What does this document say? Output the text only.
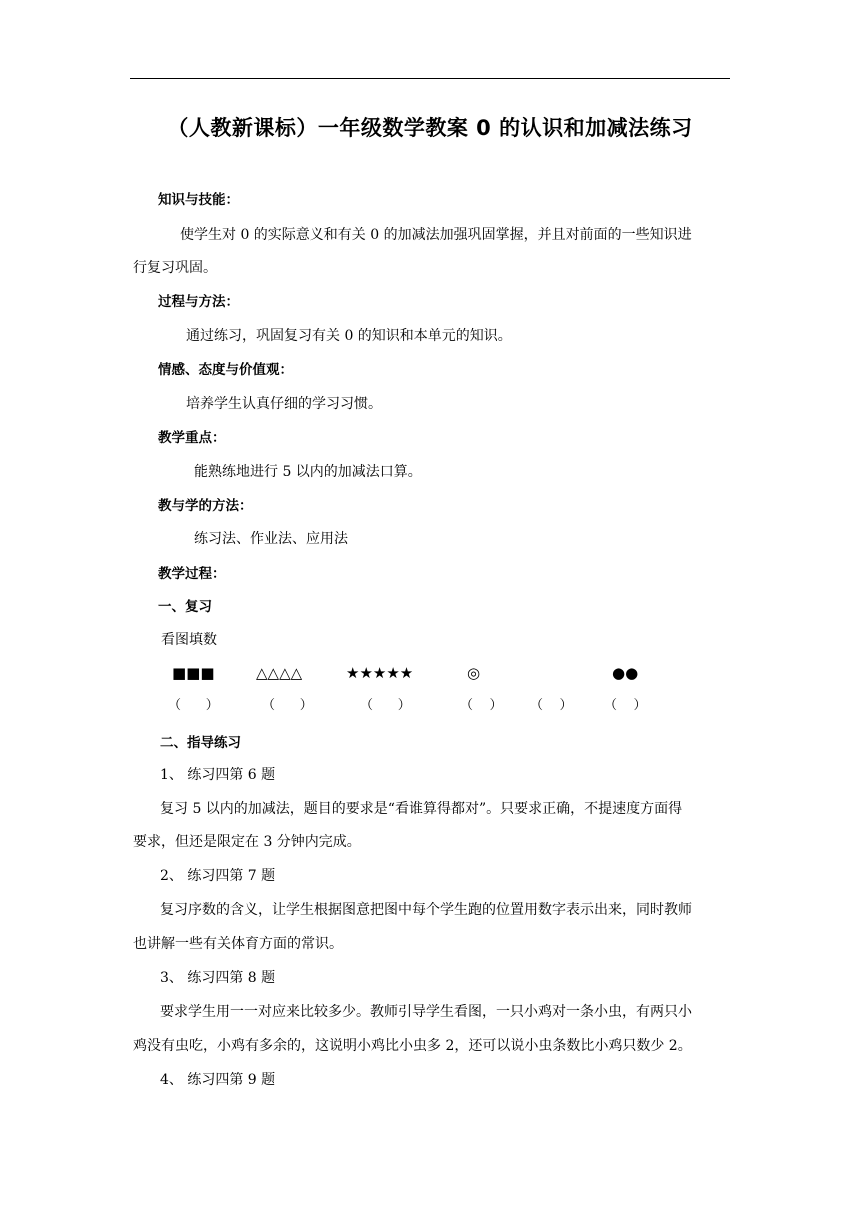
（人教新课标）一年级数学教案 0 的认识和加减法练习
知识与技能：
使学生对 0 的实际意义和有关 0 的加减法加强巩固掌握，并且对前面的一些知识进
行复习巩固。
过程与方法：
通过练习，巩固复习有关 0 的知识和本单元的知识。
情感、态度与价值观：
培养学生认真仔细的学习习惯。
教学重点：
能熟练地进行 5 以内的加减法口算。
教与学的方法：
练习法、作业法、应用法
教学过程：
一、复习
看图填数
■■■	△△△△	★★★★★	◎	●●
（      ）	（      ）	（      ）	（    ） （    ） （    ）
二、指导练习
1、 练习四第 6 题
复习 5 以内的加减法，题目的要求是“看谁算得都对”。只要求正确，不提速度方面得
要求，但还是限定在 3 分钟内完成。
2、 练习四第 7 题
复习序数的含义，让学生根据图意把图中每个学生跑的位置用数字表示出来，同时教师
也讲解一些有关体育方面的常识。
3、 练习四第 8 题
要求学生用一一对应来比较多少。教师引导学生看图，一只小鸡对一条小虫，有两只小
鸡没有虫吃，小鸡有多余的，这说明小鸡比小虫多 2，还可以说小虫条数比小鸡只数少 2。
4、 练习四第 9 题
